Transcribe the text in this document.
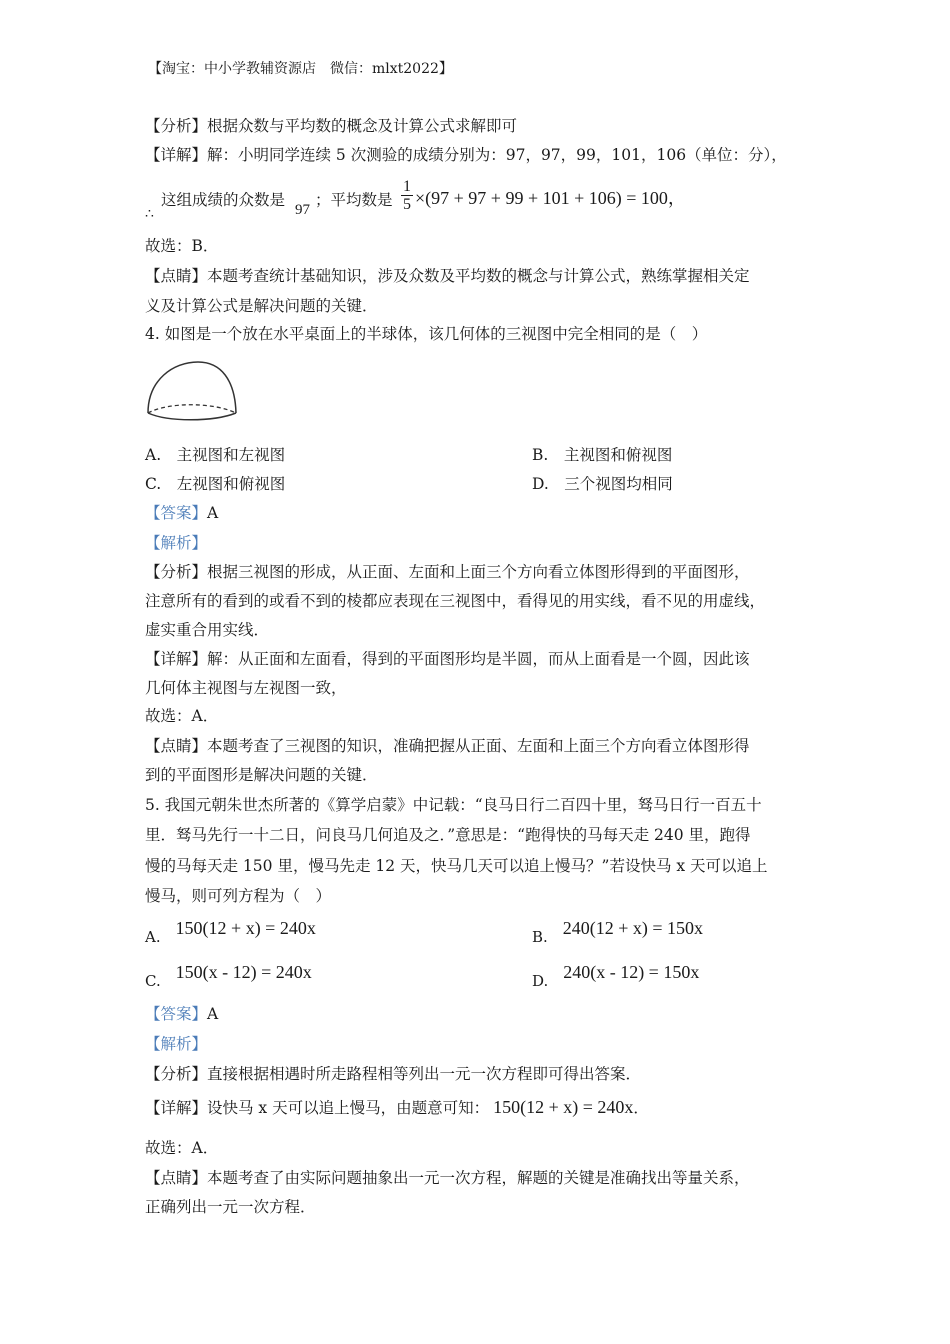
【淘宝：中小学教辅资源店　微信：mlxt2022】
【分析】根据众数与平均数的概念及计算公式求解即可
【详解】解：小明同学连续 5 次测验的成绩分别为：97，97，99，101，106（单位：分），
∴
这组成绩的众数是
97
；平均数是 $\frac{1}{5} \times(97 + 97 + 99 + 101 + 106) = 100$，
故选：B．
【点睛】本题考查统计基础知识，涉及众数及平均数的概念与计算公式，熟练掌握相关定
义及计算公式是解决问题的关键．
4. 如图是一个放在水平桌面上的半球体，该几何体的三视图中完全相同的是（　）
A.　主视图和左视图	B.　主视图和俯视图
C.　左视图和俯视图	D.　三个视图均相同
【答案】A
【解析】
【分析】根据三视图的形成，从正面、左面和上面三个方向看立体图形得到的平面图形，
注意所有的看到的或看不到的棱都应表现在三视图中，看得见的用实线，看不见的用虚线，
虚实重合用实线．
【详解】解：从正面和左面看，得到的平面图形均是半圆，而从上面看是一个圆，因此该
几何体主视图与左视图一致，
故选：A．
【点睛】本题考查了三视图的知识，准确把握从正面、左面和上面三个方向看立体图形得
到的平面图形是解决问题的关键．
5. 我国元朝朱世杰所著的《算学启蒙》中记载：“良马日行二百四十里，驽马日行一百五十
里．驽马先行一十二日，问良马几何追及之．”意思是：“跑得快的马每天走 240 里，跑得
慢的马每天走 150 里，慢马先走 12 天，快马几天可以追上慢马？”若设快马 x 天可以追上
慢马，则可列方程为（　）
A. 150(12 + x) = 240x	B. 240(12 + x) = 150x
C. 150(x - 12) = 240x	D. 240(x - 12) = 150x
【答案】A
【解析】
【分析】直接根据相遇时所走路程相等列出一元一次方程即可得出答案．
【详解】设快马 x 天可以追上慢马，由题意可知： 150(12 + x) = 240x．
故选：A．
【点睛】本题考查了由实际问题抽象出一元一次方程，解题的关键是准确找出等量关系，
正确列出一元一次方程．
